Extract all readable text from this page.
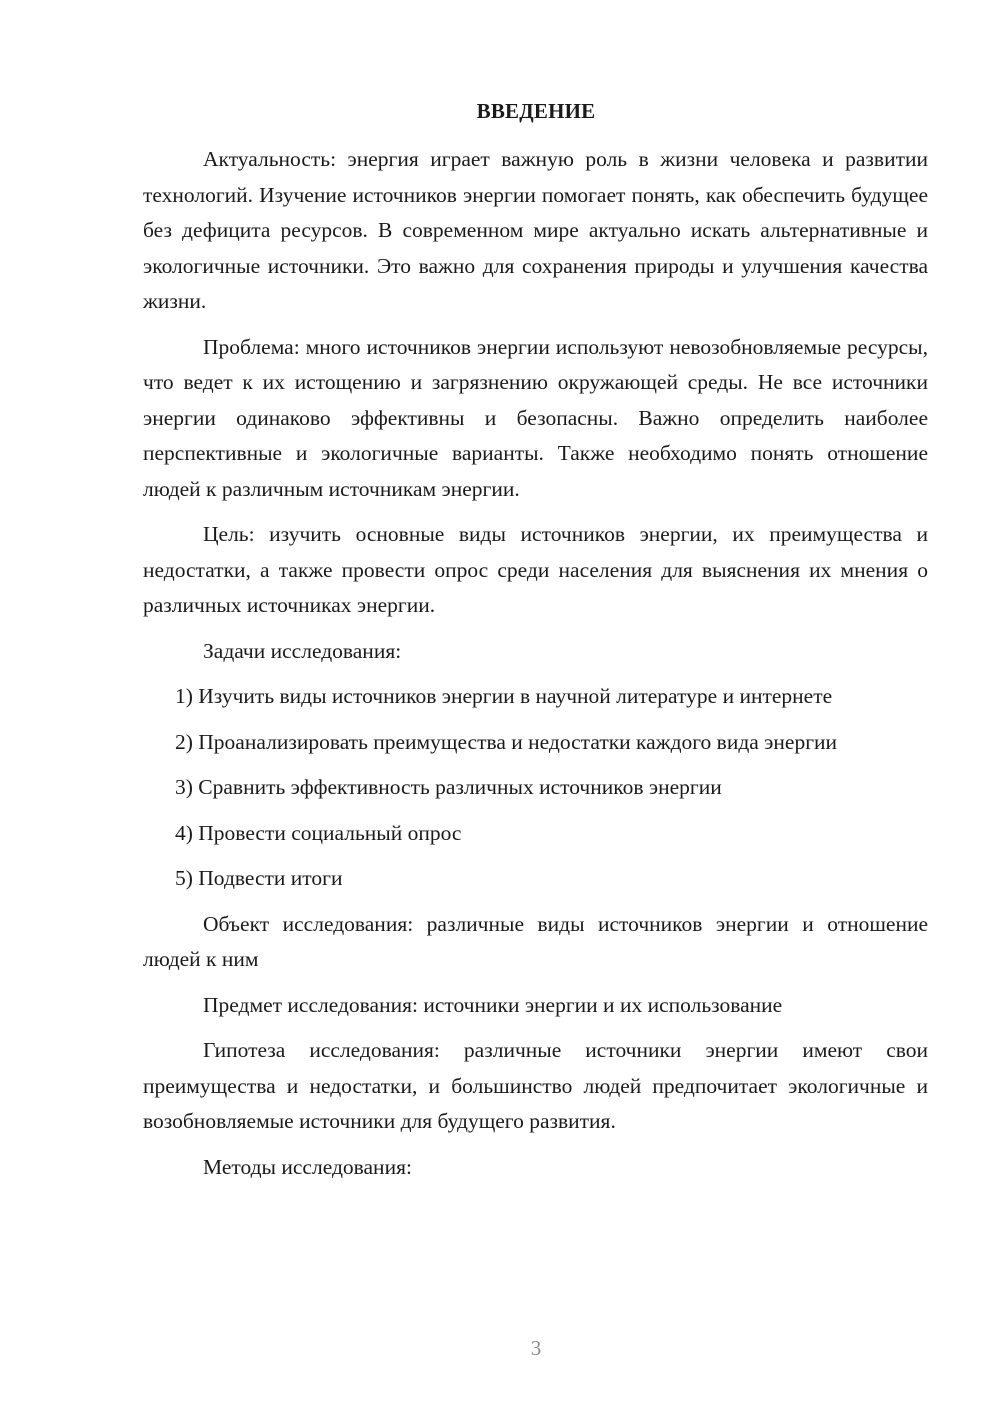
ВВЕДЕНИЕ

Актуальность: энергия играет важную роль в жизни человека и развитии технологий. Изучение источников энергии помогает понять, как обеспечить будущее без дефицита ресурсов. В современном мире актуально искать альтернативные и экологичные источники. Это важно для сохранения природы и улучшения качества жизни.

Проблема: много источников энергии используют невозобновляемые ресурсы, что ведет к их истощению и загрязнению окружающей среды. Не все источники энергии одинаково эффективны и безопасны. Важно определить наиболее перспективные и экологичные варианты. Также необходимо понять отношение людей к различным источникам энергии.

Цель: изучить основные виды источников энергии, их преимущества и недостатки, а также провести опрос среди населения для выяснения их мнения о различных источниках энергии.

Задачи исследования:

1) Изучить виды источников энергии в научной литературе и интернете

2) Проанализировать преимущества и недостатки каждого вида энергии

3) Сравнить эффективность различных источников энергии

4) Провести социальный опрос

5) Подвести итоги

Объект исследования: различные виды источников энергии и отношение людей к ним

Предмет исследования: источники энергии и их использование

Гипотеза исследования: различные источники энергии имеют свои преимущества и недостатки, и большинство людей предпочитает экологичные и возобновляемые источники для будущего развития.

Методы исследования:

3
